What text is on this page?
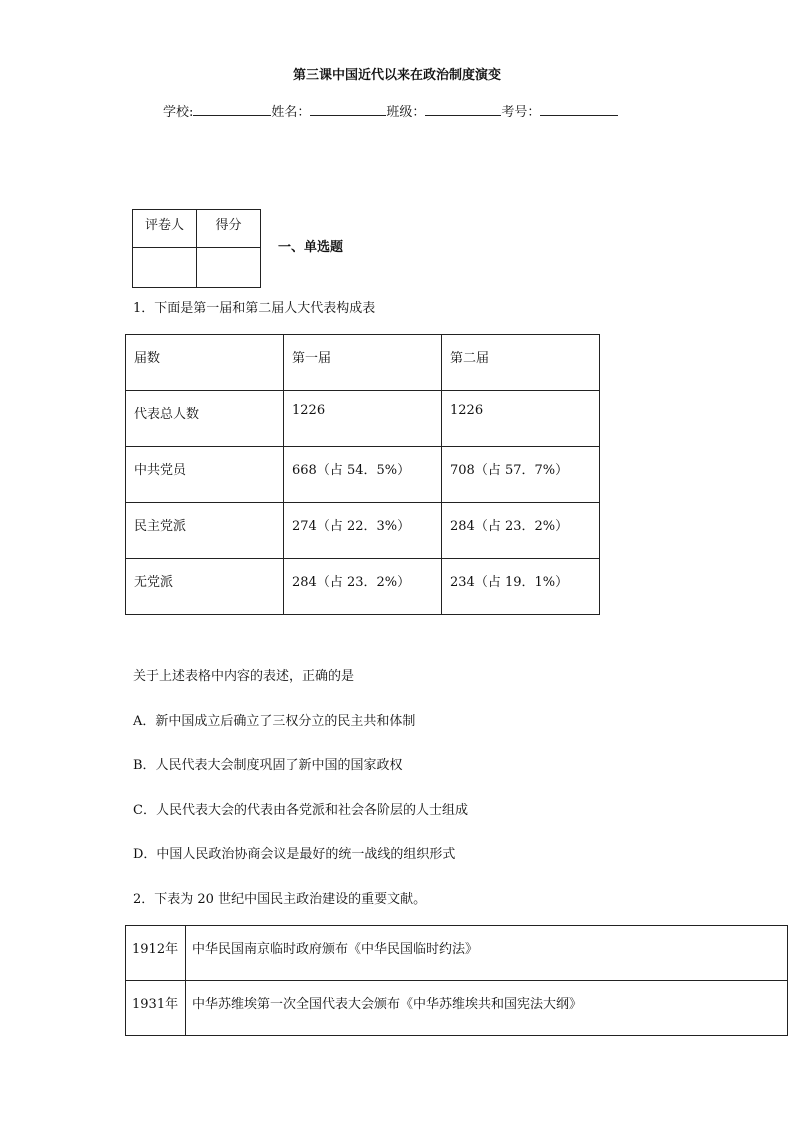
第三课中国近代以来在政治制度演变
学校:	姓名：	班级：	考号：
评卷人	得分

一、单选题
1．下面是第一届和第二届人大代表构成表
届数	第一届	第二届
代表总人数	1226	1226
中共党员	668（占 54．5%）	708（占 57．7%）
民主党派	274（占 22．3%）	284（占 23．2%）
无党派	284（占 23．2%）	234（占 19．1%）
关于上述表格中内容的表述，正确的是
A．新中国成立后确立了三权分立的民主共和体制
B．人民代表大会制度巩固了新中国的国家政权
C．人民代表大会的代表由各党派和社会各阶层的人士组成
D．中国人民政治协商会议是最好的统一战线的组织形式
2．下表为 20 世纪中国民主政治建设的重要文献。
1912年	中华民国南京临时政府颁布《中华民国临时约法》
1931年	中华苏维埃第一次全国代表大会颁布《中华苏维埃共和国宪法大纲》
